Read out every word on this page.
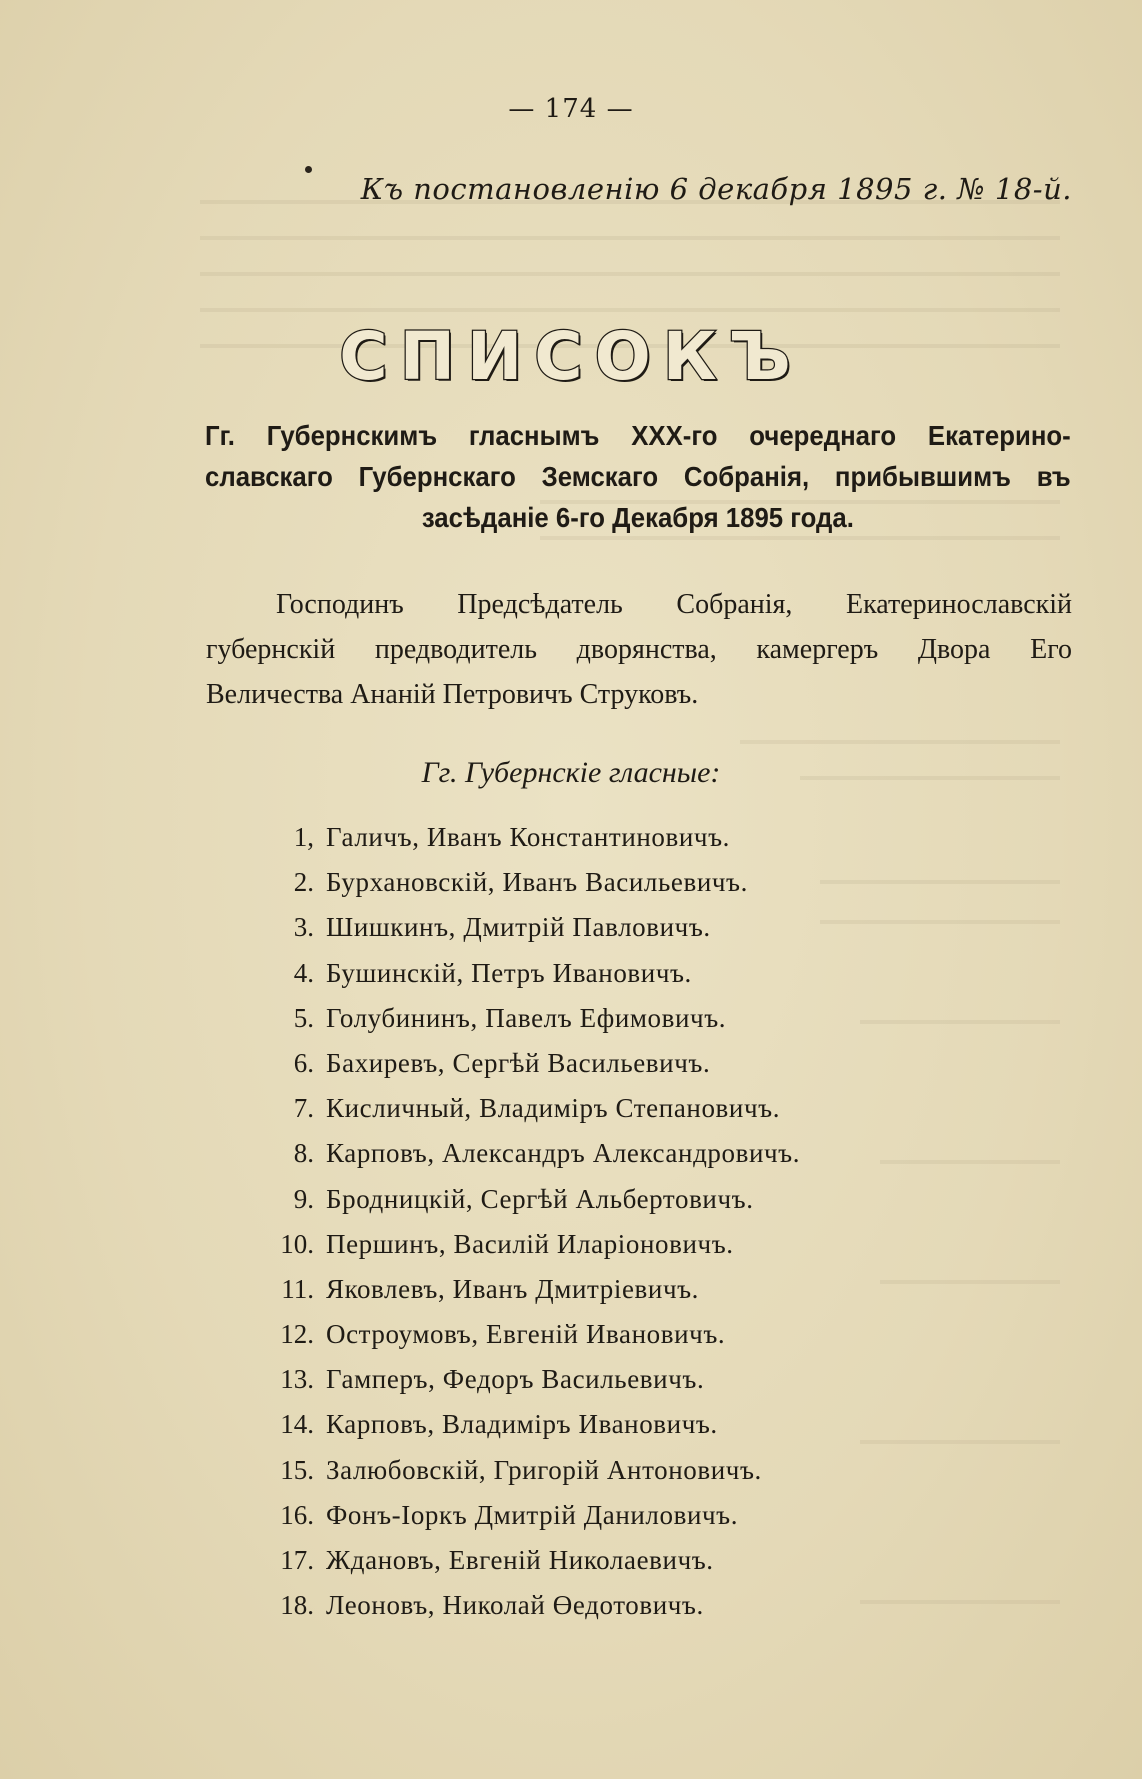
— 174 —
Къ постановленію 6 декабря 1895 г. № 18-й.
СПИСОКЪ
Гг. Губернскимъ гласнымъ XXX-го очереднаго Екатерино-
славскаго Губернскаго Земскаго Собранія, прибывшимъ въ
засѣданіе 6-го Декабря 1895 года.
Господинъ Предсѣдатель Собранія, Екатеринославскій
губернскій предводитель дворянства, камергеръ Двора Его
Величества Ананій Петровичъ Струковъ.
Гг. Губернскіе гласные:
1, Галичъ, Иванъ Константиновичъ.
2. Бурхановскій, Иванъ Васильевичъ.
3. Шишкинъ, Дмитрій Павловичъ.
4. Бушинскій, Петръ Ивановичъ.
5. Голубининъ, Павелъ Ефимовичъ.
6. Бахиревъ, Сергѣй Васильевичъ.
7. Кисличный, Владиміръ Степановичъ.
8. Карповъ, Александръ Александровичъ.
9. Бродницкій, Сергѣй Альбертовичъ.
10. Першинъ, Василій Иларіоновичъ.
11. Яковлевъ, Иванъ Дмитріевичъ.
12. Остроумовъ, Евгеній Ивановичъ.
13. Гамперъ, Федоръ Васильевичъ.
14. Карповъ, Владиміръ Ивановичъ.
15. Залюбовскій, Григорій Антоновичъ.
16. Фонъ-Іоркъ Дмитрій Даниловичъ.
17. Ждановъ, Евгеній Николаевичъ.
18. Леоновъ, Николай Өедотовичъ.
